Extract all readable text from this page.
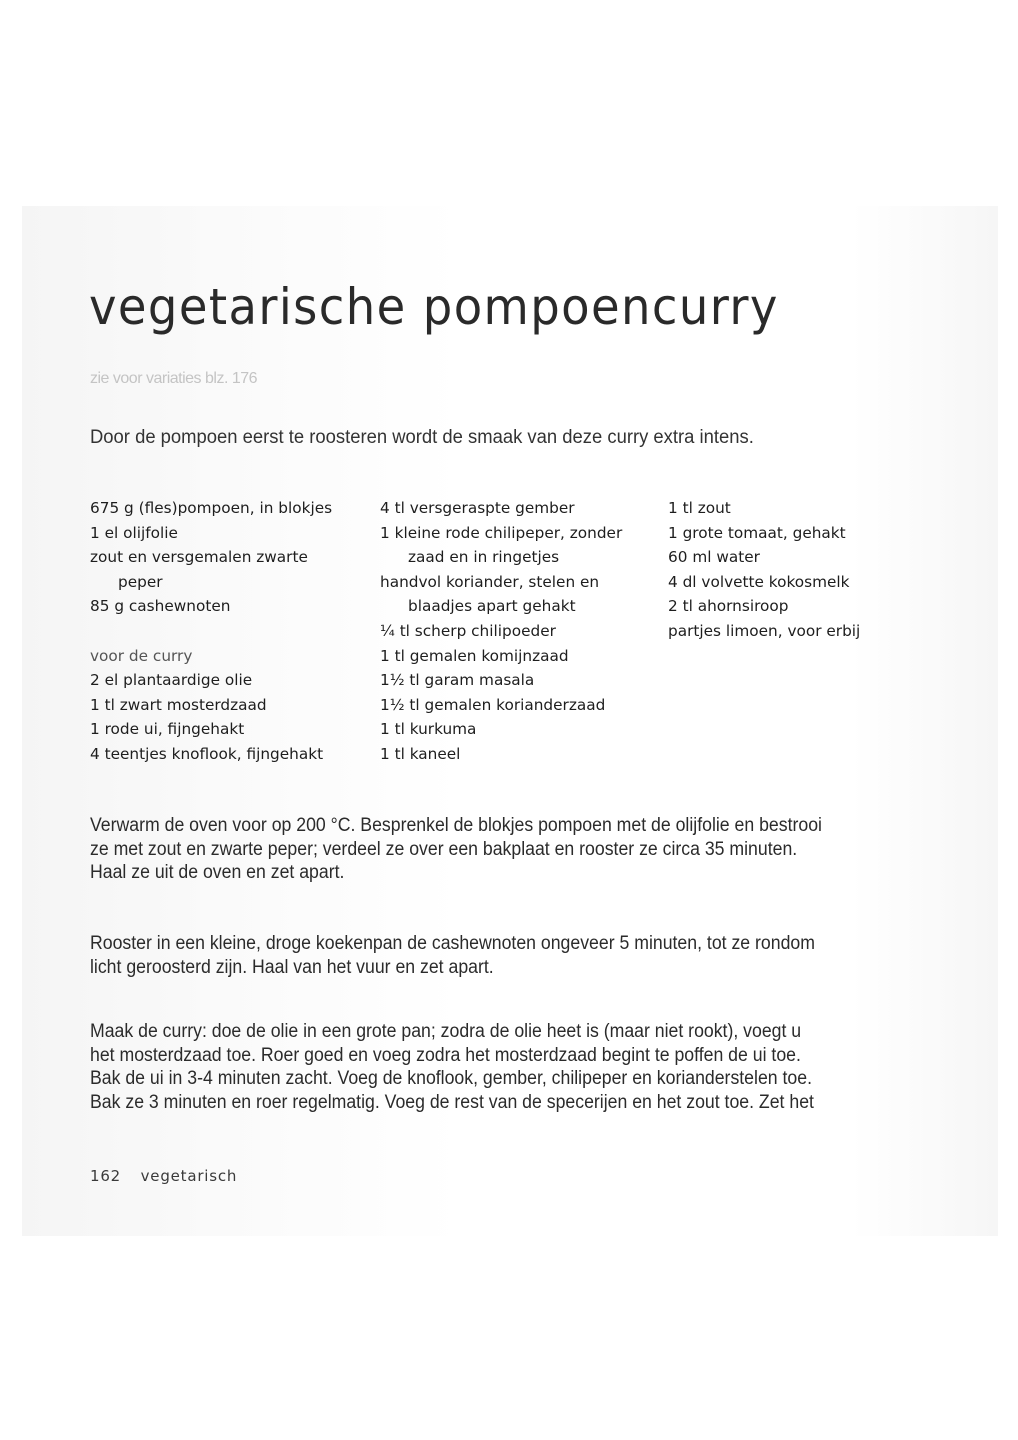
vegetarische pompoencurry
zie voor variaties blz. 176
Door de pompoen eerst te roosteren wordt de smaak van deze curry extra intens.
675 g (fles)pompoen, in blokjes
1 el olijfolie
zout en versgemalen zwarte
peper
85 g cashewnoten
voor de curry
2 el plantaardige olie
1 tl zwart mosterdzaad
1 rode ui, fijngehakt
4 teentjes knoflook, fijngehakt
4 tl versgeraspte gember
1 kleine rode chilipeper, zonder
zaad en in ringetjes
handvol koriander, stelen en
blaadjes apart gehakt
¼ tl scherp chilipoeder
1 tl gemalen komijnzaad
1½ tl garam masala
1½ tl gemalen korianderzaad
1 tl kurkuma
1 tl kaneel
1 tl zout
1 grote tomaat, gehakt
60 ml water
4 dl volvette kokosmelk
2 tl ahornsiroop
partjes limoen, voor erbij

Verwarm de oven voor op 200 °C. Besprenkel de blokjes pompoen met de olijfolie en bestrooi
ze met zout en zwarte peper; verdeel ze over een bakplaat en rooster ze circa 35 minuten.
Haal ze uit de oven en zet apart.

Rooster in een kleine, droge koekenpan de cashewnoten ongeveer 5 minuten, tot ze rondom
licht geroosterd zijn. Haal van het vuur en zet apart.

Maak de curry: doe de olie in een grote pan; zodra de olie heet is (maar niet rookt), voegt u
het mosterdzaad toe. Roer goed en voeg zodra het mosterdzaad begint te poffen de ui toe.
Bak de ui in 3-4 minuten zacht. Voeg de knoflook, gember, chilipeper en korianderstelen toe.
Bak ze 3 minuten en roer regelmatig. Voeg de rest van de specerijen en het zout toe. Zet het

162 vegetarisch
